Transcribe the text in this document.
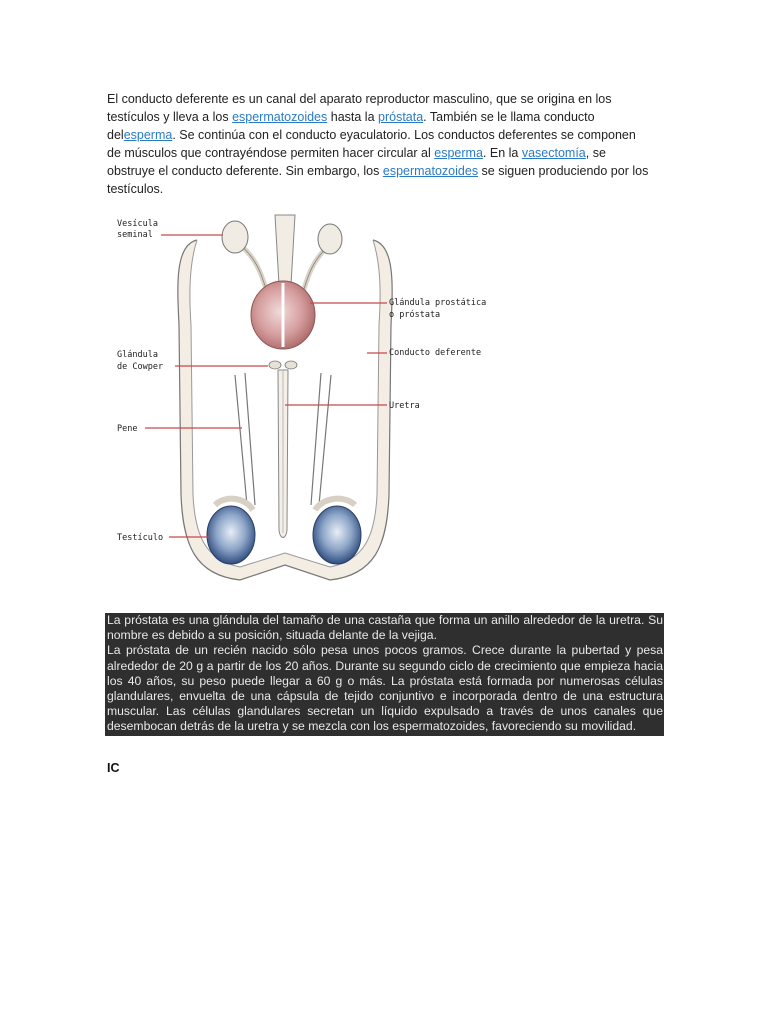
El conducto deferente es un canal del aparato reproductor masculino, que se origina en los testículos y lleva a los espermatozoides hasta la próstata. También se le llama conducto delesperma. Se continúa con el conducto eyaculatorio. Los conductos deferentes se componen de músculos que contrayéndose permiten hacer circular al esperma. En la vasectomía, se obstruye el conducto deferente. Sin embargo, los espermatozoides se siguen produciendo por los testículos.

Vesícula
seminal
Glándula prostática
o próstata
Conducto deferente
Glándula
de Cowper
Uretra
Pene
Testículo

La próstata es una glándula del tamaño de una castaña que forma un anillo alrededor de la uretra. Su nombre es debido a su posición, situada delante de la vejiga.

La próstata de un recién nacido sólo pesa unos pocos gramos. Crece durante la pubertad y pesa alrededor de 20 g a partir de los 20 años. Durante su segundo ciclo de crecimiento que empieza hacia los 40 años, su peso puede llegar a 60 g o más. La próstata está formada por numerosas células glandulares, envuelta de una cápsula de tejido conjuntivo e incorporada dentro de una estructura muscular. Las células glandulares secretan un líquido expulsado a través de unos canales que desembocan detrás de la uretra y se mezcla con los espermatozoides, favoreciendo su movilidad.

IC
